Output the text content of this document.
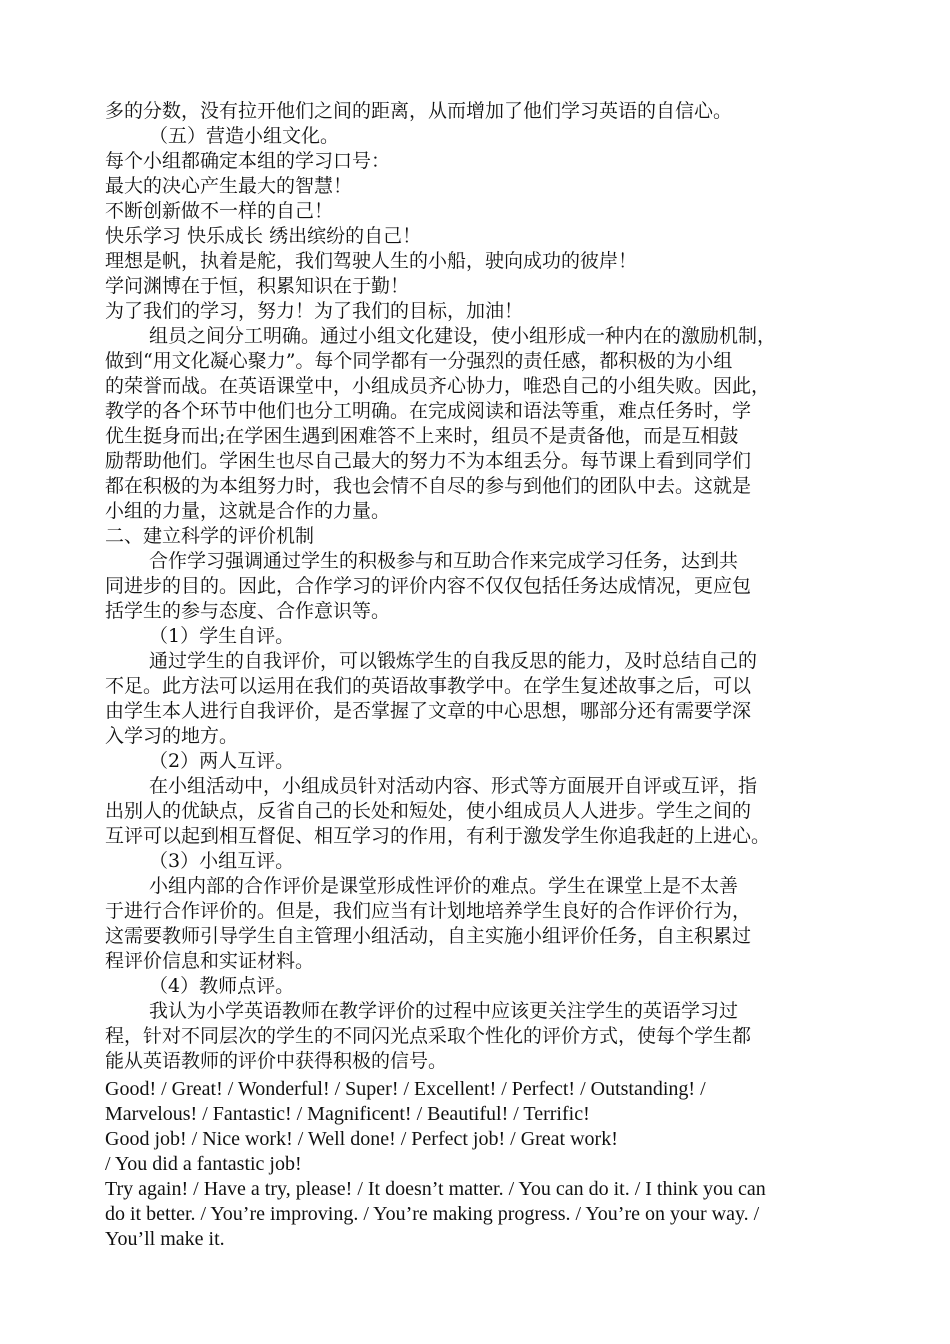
多的分数，没有拉开他们之间的距离，从而增加了他们学习英语的自信心。
（五）营造小组文化。
每个小组都确定本组的学习口号：
最大的决心产生最大的智慧！
不断创新做不一样的自己！
快乐学习 快乐成长 绣出缤纷的自己！
理想是帆，执着是舵，我们驾驶人生的小船，驶向成功的彼岸！
学问渊博在于恒，积累知识在于勤！
为了我们的学习，努力！为了我们的目标，加油！
组员之间分工明确。通过小组文化建设，使小组形成一种内在的激励机制，
做到“用文化凝心聚力”。每个同学都有一分强烈的责任感，都积极的为小组
的荣誉而战。在英语课堂中，小组成员齐心协力，唯恐自己的小组失败。因此，
教学的各个环节中他们也分工明确。在完成阅读和语法等重，难点任务时，学
优生挺身而出;在学困生遇到困难答不上来时，组员不是责备他，而是互相鼓
励帮助他们。学困生也尽自己最大的努力不为本组丢分。每节课上看到同学们
都在积极的为本组努力时，我也会情不自尽的参与到他们的团队中去。这就是
小组的力量，这就是合作的力量。
二、建立科学的评价机制
合作学习强调通过学生的积极参与和互助合作来完成学习任务，达到共
同进步的目的。因此，合作学习的评价内容不仅仅包括任务达成情况，更应包
括学生的参与态度、合作意识等。
（1）学生自评。
通过学生的自我评价，可以锻炼学生的自我反思的能力，及时总结自己的
不足。此方法可以运用在我们的英语故事教学中。在学生复述故事之后，可以
由学生本人进行自我评价，是否掌握了文章的中心思想，哪部分还有需要学深
入学习的地方。
（2）两人互评。
在小组活动中，小组成员针对活动内容、形式等方面展开自评或互评，指
出别人的优缺点，反省自己的长处和短处，使小组成员人人进步。学生之间的
互评可以起到相互督促、相互学习的作用，有利于激发学生你追我赶的上进心。
（3）小组互评。
小组内部的合作评价是课堂形成性评价的难点。学生在课堂上是不太善
于进行合作评价的。但是，我们应当有计划地培养学生良好的合作评价行为，
这需要教师引导学生自主管理小组活动，自主实施小组评价任务，自主积累过
程评价信息和实证材料。
（4）教师点评。
我认为小学英语教师在教学评价的过程中应该更关注学生的英语学习过
程，针对不同层次的学生的不同闪光点采取个性化的评价方式，使每个学生都
能从英语教师的评价中获得积极的信号。
Good! / Great! / Wonderful! / Super! / Excellent! / Perfect! / Outstanding! /
Marvelous! / Fantastic! / Magnificent! / Beautiful! / Terrific!
Good job! / Nice work! / Well done! / Perfect job! / Great work!
/ You did a fantastic job!
Try again! / Have a try, please! / It doesn’t matter. / You can do it. / I think you can
do it better. / You’re improving. / You’re making progress. / You’re on your way. /
You’ll make it.
